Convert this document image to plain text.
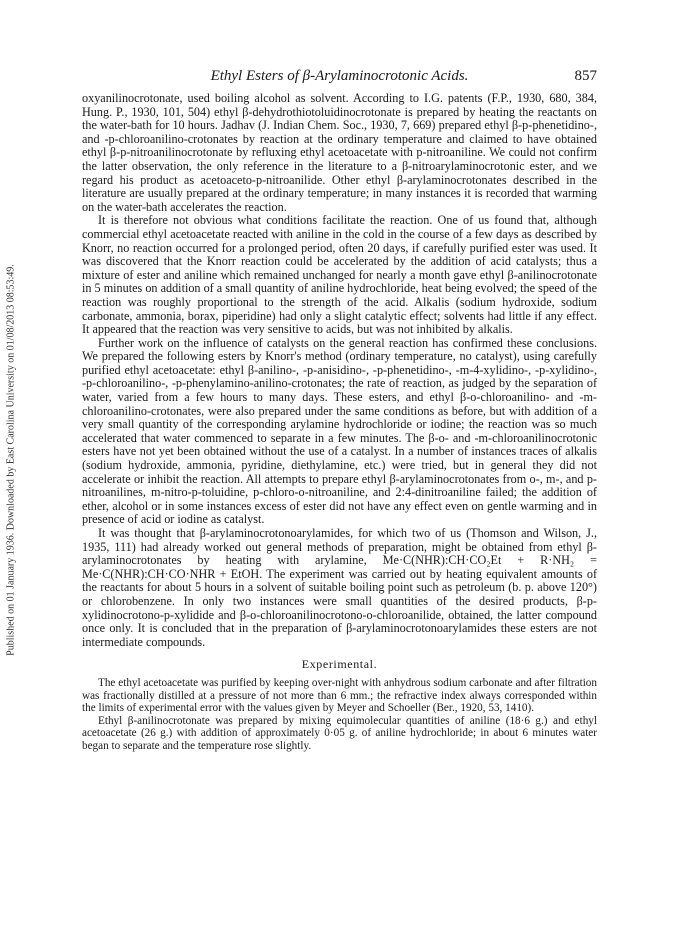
Published on 01 January 1936. Downloaded by East Carolina University on 01/08/2013 08:53:49.
Ethyl Esters of β-Arylaminocrotonic Acids.	857

oxyanilinocrotonate, used boiling alcohol as solvent. According to I.G. patents (F.P., 1930, 680, 384, Hung. P., 1930, 101, 504) ethyl β-dehydrothiotoluidinocrotonate is prepared by heating the reactants on the water-bath for 10 hours. Jadhav (J. Indian Chem. Soc., 1930, 7, 669) prepared ethyl β-p-phenetidino-, and -p-chloroanilino-crotonates by reaction at the ordinary temperature and claimed to have obtained ethyl β-p-nitroanilinocrotonate by refluxing ethyl acetoacetate with p-nitroaniline. We could not confirm the latter observation, the only reference in the literature to a β-nitroarylaminocrotonic ester, and we regard his product as acetoaceto-p-nitroanilide. Other ethyl β-arylaminocrotonates described in the literature are usually prepared at the ordinary temperature; in many instances it is recorded that warming on the water-bath accelerates the reaction.

It is therefore not obvious what conditions facilitate the reaction. One of us found that, although commercial ethyl acetoacetate reacted with aniline in the cold in the course of a few days as described by Knorr, no reaction occurred for a prolonged period, often 20 days, if carefully purified ester was used. It was discovered that the Knorr reaction could be accelerated by the addition of acid catalysts; thus a mixture of ester and aniline which remained unchanged for nearly a month gave ethyl β-anilinocrotonate in 5 minutes on addition of a small quantity of aniline hydrochloride, heat being evolved; the speed of the reaction was roughly proportional to the strength of the acid. Alkalis (sodium hydroxide, sodium carbonate, ammonia, borax, piperidine) had only a slight catalytic effect; solvents had little if any effect. It appeared that the reaction was very sensitive to acids, but was not inhibited by alkalis.

Further work on the influence of catalysts on the general reaction has confirmed these conclusions. We prepared the following esters by Knorr's method (ordinary temperature, no catalyst), using carefully purified ethyl acetoacetate: ethyl β-anilino-, -p-anisidino-, -p-phenetidino-, -m-4-xylidino-, -p-xylidino-, -p-chloroanilino-, -p-phenylamino-anilino-crotonates; the rate of reaction, as judged by the separation of water, varied from a few hours to many days. These esters, and ethyl β-o-chloroanilino- and -m-chloroanilino-crotonates, were also prepared under the same conditions as before, but with addition of a very small quantity of the corresponding arylamine hydrochloride or iodine; the reaction was so much accelerated that water commenced to separate in a few minutes. The β-o- and -m-chloroanilinocrotonic esters have not yet been obtained without the use of a catalyst. In a number of instances traces of alkalis (sodium hydroxide, ammonia, pyridine, diethylamine, etc.) were tried, but in general they did not accelerate or inhibit the reaction. All attempts to prepare ethyl β-arylaminocrotonates from o-, m-, and p-nitroanilines, m-nitro-p-toluidine, p-chloro-o-nitroaniline, and 2:4-dinitroaniline failed; the addition of ether, alcohol or in some instances excess of ester did not have any effect even on gentle warming and in presence of acid or iodine as catalyst.

It was thought that β-arylaminocrotonoarylamides, for which two of us (Thomson and Wilson, J., 1935, 111) had already worked out general methods of preparation, might be obtained from ethyl β-arylaminocrotonates by heating with arylamine, Me·C(NHR):CH·CO₂Et + R·NH₂ = Me·C(NHR):CH·CO·NHR + EtOH. The experiment was carried out by heating equivalent amounts of the reactants for about 5 hours in a solvent of suitable boiling point such as petroleum (b. p. above 120°) or chlorobenzene. In only two instances were small quantities of the desired products, β-p-xylidinocrotono-p-xylidide and β-o-chloroanilinocrotono-o-chloroanilide, obtained, the latter compound once only. It is concluded that in the preparation of β-arylaminocrotonoarylamides these esters are not intermediate compounds.

Experimental.

The ethyl acetoacetate was purified by keeping over-night with anhydrous sodium carbonate and after filtration was fractionally distilled at a pressure of not more than 6 mm.; the refractive index always corresponded within the limits of experimental error with the values given by Meyer and Schoeller (Ber., 1920, 53, 1410).

Ethyl β-anilinocrotonate was prepared by mixing equimolecular quantities of aniline (18·6 g.) and ethyl acetoacetate (26 g.) with addition of approximately 0·05 g. of aniline hydrochloride; in about 6 minutes water began to separate and the temperature rose slightly.
